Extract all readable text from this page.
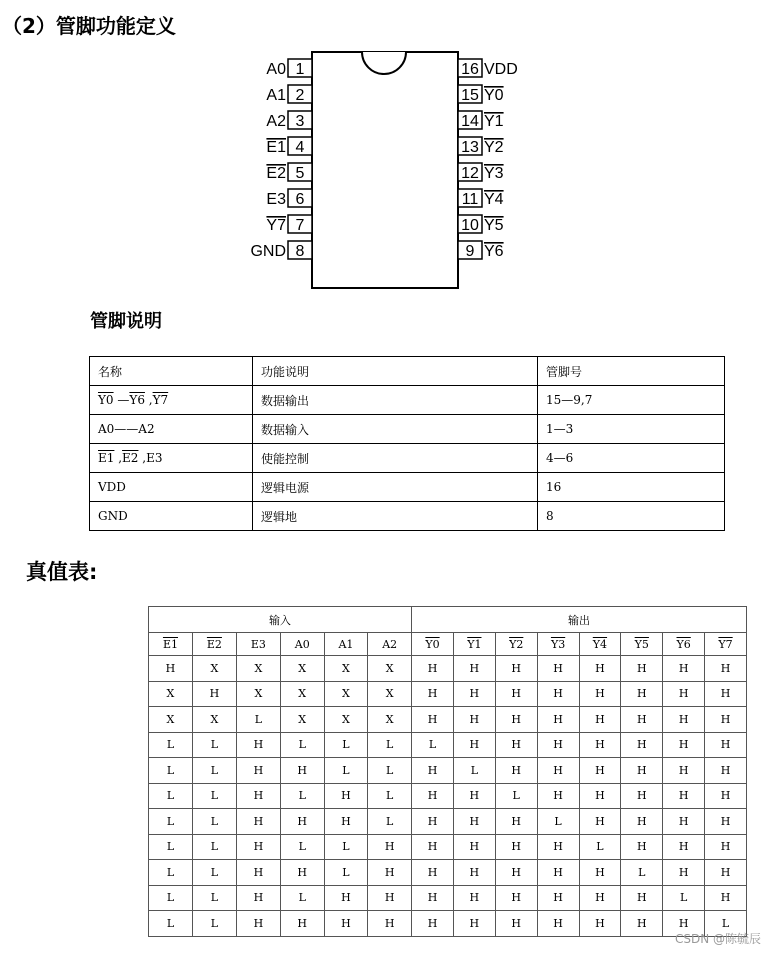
（2）管脚功能定义
1
A0
2
A1
3
A2
4
E1
5
E2
6
E3
7
Y7
8
GND
16 VDD
15 Y0
14 Y1
13 Y2
12 Y3
11 Y4
10 Y5
9 Y6
管脚说明
名称	功能说明	管脚号
Y0 —Y6 ,Y7	数据输出	15—9,7
A0——A2	数据输入	1—3
E1 ,E2 ,E3	使能控制	4—6
VDD	逻辑电源	16
GND	逻辑地	8
真值表:
输入						输出							
E1	E2	E3	A0	A1	A2	Y0	Y1	Y2	Y3	Y4	Y5	Y6	Y7
H	X	X	X	X	X	H	H	H	H	H	H	H	H
X	H	X	X	X	X	H	H	H	H	H	H	H	H
X	X	L	X	X	X	H	H	H	H	H	H	H	H
L	L	H	L	L	L	L	H	H	H	H	H	H	H
L	L	H	H	L	L	H	L	H	H	H	H	H	H
L	L	H	L	H	L	H	H	L	H	H	H	H	H
L	L	H	H	H	L	H	H	H	L	H	H	H	H
L	L	H	L	L	H	H	H	H	H	L	H	H	H
L	L	H	H	L	H	H	H	H	H	H	L	H	H
L	L	H	L	H	H	H	H	H	H	H	H	L	H
L	L	H	H	H	H	H	H	H	H	H	H	H	L
CSDN @陈毓辰
